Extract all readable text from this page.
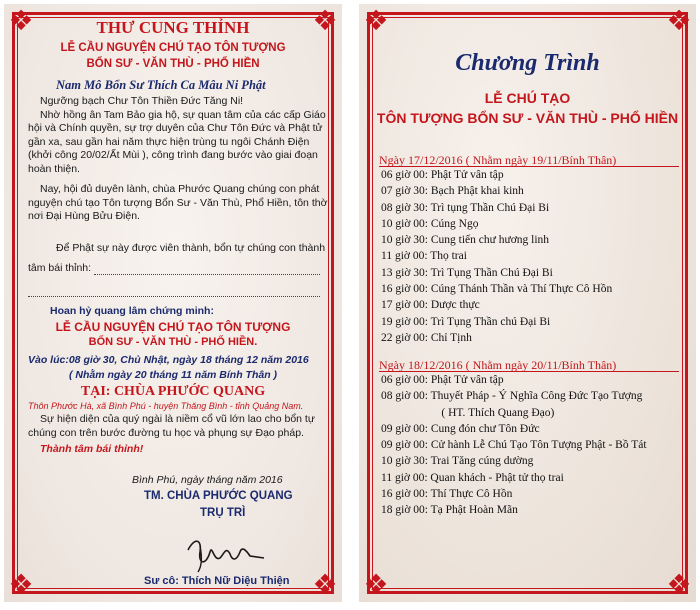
❖	❖
❖	❖
THƯ CUNG THỈNH
LỄ CẦU NGUYỆN CHÚ TẠO TÔN TƯỢNG
BỔN SƯ - VĂN THÙ - PHỔ HIỀN
Nam Mô Bổn Sư Thích Ca Mâu Ni Phật
Ngưỡng bạch Chư Tôn Thiền Đức Tăng Ni!
Nhờ hồng ân Tam Bảo gia hộ, sự quan tâm của các cấp Giáo
hội và Chính quyền, sự trợ duyên của Chư Tôn Đức và Phật tử
gần xa, sau gần hai năm thực hiện trùng tu ngôi Chánh Điện
(khởi công 20/02/Ất Mùi ), công trình đang bước vào giai đoạn
hoàn thiện.
Nay, hội đủ duyên lành, chùa Phước Quang chúng con phát
nguyện chú tạo Tôn tượng Bổn Sư - Văn Thù, Phổ Hiền, tôn thờ
nơi Đại Hùng Bửu Điện.
Để Phật sự này được viên thành, bổn tự chúng con thành
tâm bái thỉnh:
Hoan hỷ quang lâm chứng minh:
LỄ CẦU NGUYỆN CHÚ TẠO TÔN TƯỢNG
BỔN SƯ - VĂN THÙ - PHỔ HIỀN.
Vào lúc:08 giờ 30, Chủ Nhật, ngày 18 tháng 12 năm 2016
( Nhằm ngày 20 tháng 11 năm Bính Thân )
TẠI: CHÙA PHƯỚC QUANG
Thôn Phước Hà, xã Bình Phú - huyện Thăng Bình - tỉnh Quảng Nam.
Sự hiện diện của quý ngài là niềm cổ vũ lớn lao cho bổn tự
chúng con trên bước đường tu học và phụng sự Đạo pháp.
Thành tâm bái thỉnh!
Bình Phú, ngày tháng năm 2016
TM. CHÙA PHƯỚC QUANG
TRỤ TRÌ
Sư cô: Thích Nữ Diệu Thiện
❖	❖
❖	❖
Chương Trình
LỄ CHÚ TẠO
TÔN TƯỢNG BỔN SƯ - VĂN THÙ - PHỔ HIỀN
Ngày 17/12/2016 ( Nhằm ngày 19/11/Bính Thân)
06 giờ 00: Phật Tử vân tập
07 giờ 30: Bạch Phật khai kinh
08 giờ 30: Trì tụng Thần Chú Đại Bi
10 giờ 00: Cúng Ngọ
10 giờ 30: Cung tiến chư hương linh
11 giờ 00: Thọ trai
13 giờ 30: Trì Tụng Thần Chú Đại Bi
16 giờ 00: Cúng Thánh Thần và Thí Thực Cô Hồn
17 giờ 00: Dược thực
19 giờ 00: Trì Tụng Thần chú Đại Bi
22 giờ 00: Chỉ Tịnh
Ngày 18/12/2016 ( Nhằm ngày 20/11/Bính Thân)
06 giờ 00: Phật Tử vân tập
08 giờ 00: Thuyết Pháp - Ý Nghĩa Công Đức Tạo Tượng
( HT. Thích Quang Đạo)
09 giờ 00: Cung đón chư Tôn Đức
09 giờ 00: Cử hành Lễ Chú Tạo Tôn Tượng Phật - Bồ Tát
10 giờ 30: Trai Tăng cúng dường
11 giờ 00: Quan khách - Phật tử thọ trai
16 giờ 00: Thí Thực Cô Hồn
18 giờ 00: Tạ Phật Hoàn Mãn
